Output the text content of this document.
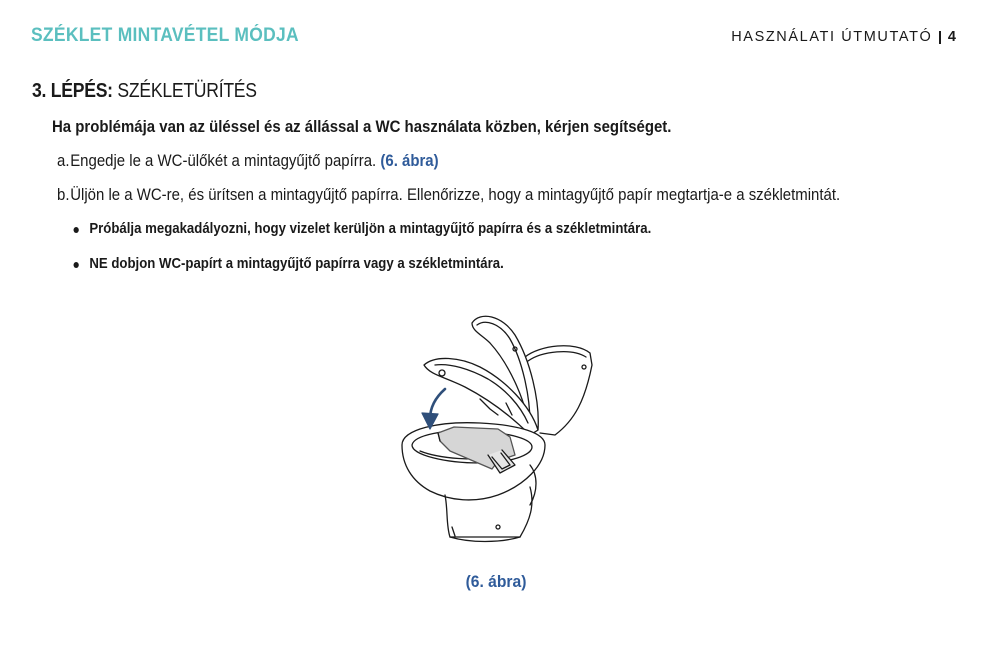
SZÉKLET MINTAVÉTEL MÓDJA	HASZNÁLATI ÚTMUTATÓ 4
3. LÉPÉS: SZÉKLETÜRÍTÉS
Ha problémája van az üléssel és az állással a WC használata közben, kérjen segítséget.
a. Engedje le a WC-ülőkét a mintagyűjtő papírra.
(6. ábra)
b. Üljön le a WC-re, és ürítsen a mintagyűjtő papírra. Ellenőrizze, hogy a mintagyűjtő papír megtartja-e a székletmintát.
Próbálja megakadályozni, hogy vizelet kerüljön a mintagyűjtő papírra és a székletmintára.
NE dobjon WC-papírt a mintagyűjtő papírra vagy a székletmintára.
(6. ábra)
